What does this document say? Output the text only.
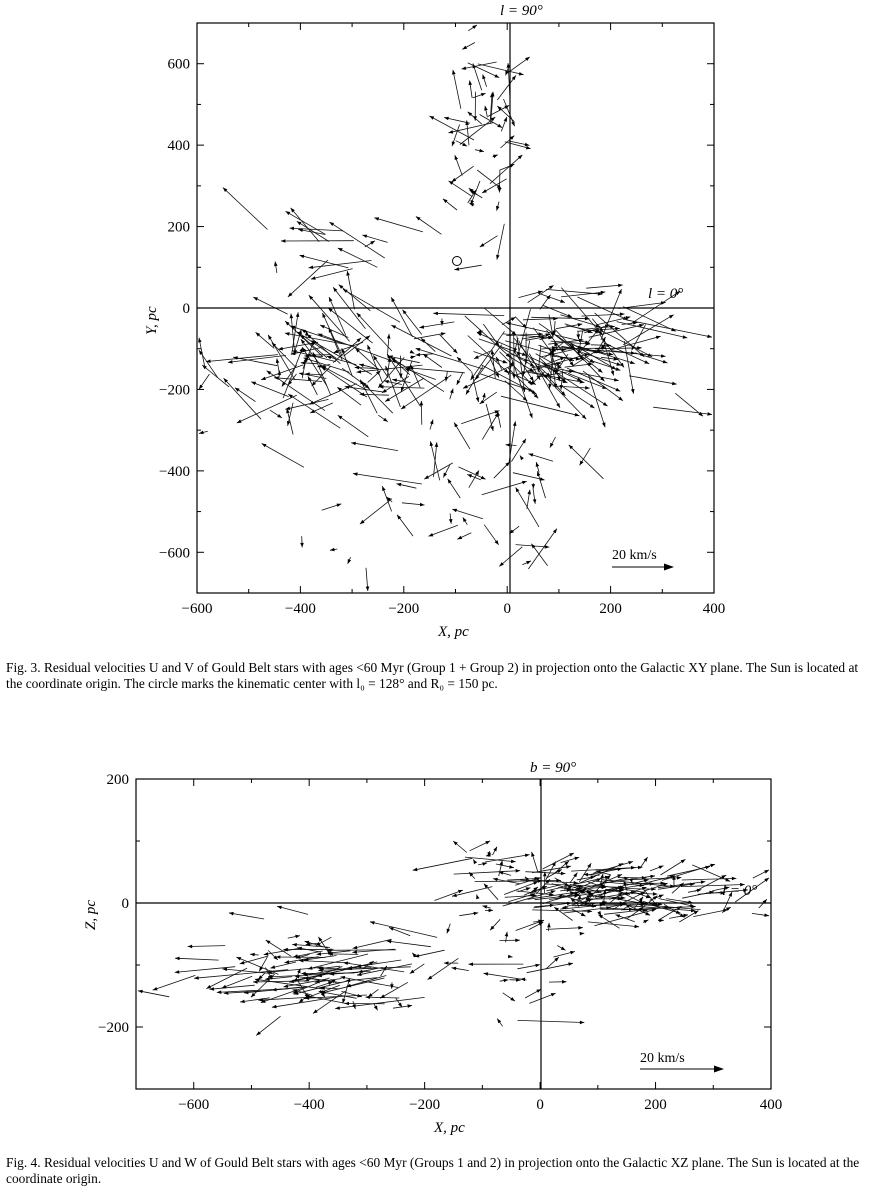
l = 90°
l = 0°
20 km/s
X, pc
Y, pc
−600	−400	−200	0	200	400
−600
−400
−200
0
200
400
600
Fig. 3. Residual velocities U and V of Gould Belt stars with ages <60 Myr (Group 1 + Group 2) in projection onto the Galactic XY plane. The Sun is located at the coordinate origin. The circle marks the kinematic center with l₀ = 128° and R₀ = 150 pc.
b = 90°
l = 0°
20 km/s
X, pc
Z, pc
−600	−400	−200	0	200	400
−200
0
200
Fig. 4. Residual velocities U and W of Gould Belt stars with ages <60 Myr (Groups 1 and 2) in projection onto the Galactic XZ plane. The Sun is located at the coordinate origin.
